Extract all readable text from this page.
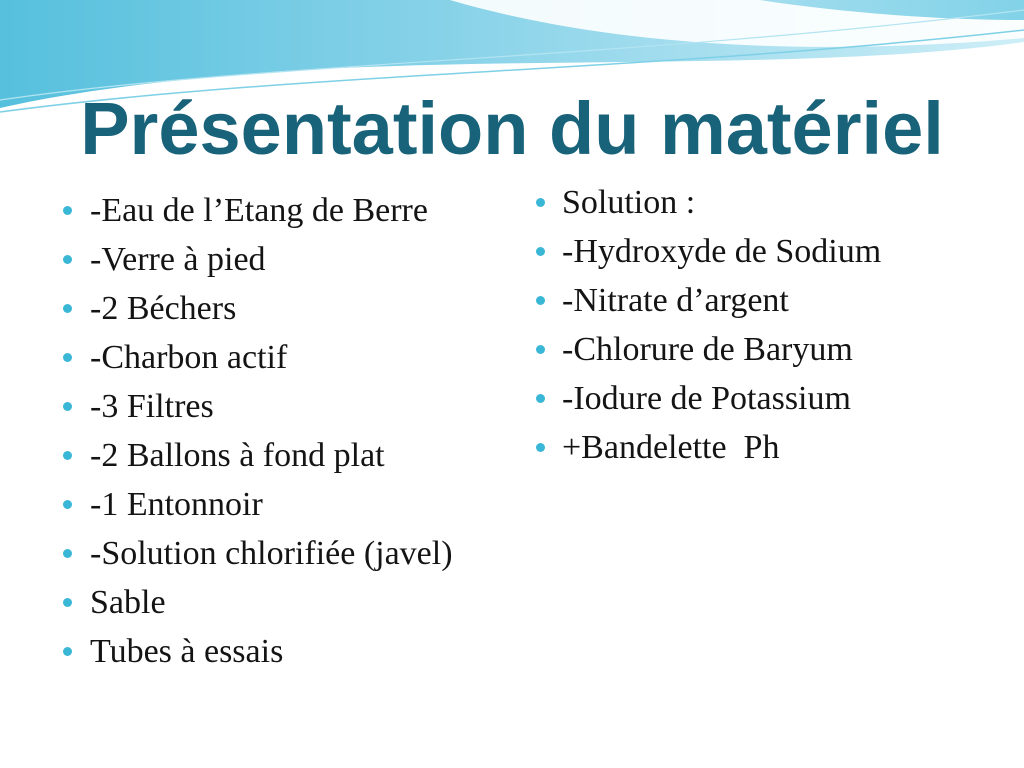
Présentation du matériel
-Eau de l’Etang de Berre
-Verre à pied
-2 Béchers
-Charbon actif
-3 Filtres
-2 Ballons à fond plat
-1 Entonnoir
-Solution chlorifiée (javel)
Sable
Tubes à essais
Solution :
-Hydroxyde de Sodium
-Nitrate d’argent
-Chlorure de Baryum
-Iodure de Potassium
+Bandelette  Ph
